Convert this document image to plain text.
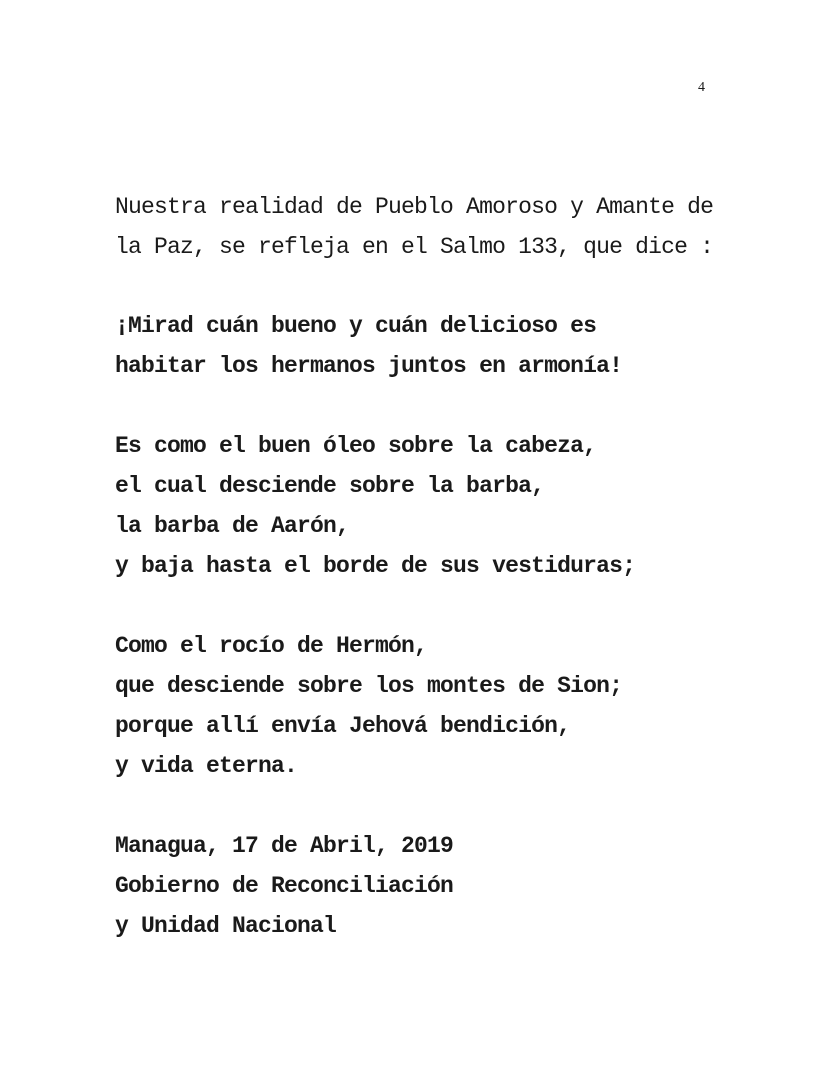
4
Nuestra realidad de Pueblo Amoroso y Amante de
la Paz, se refleja en el Salmo 133, que dice :
¡Mirad cuán bueno y cuán delicioso es
habitar los hermanos juntos en armonía!
Es como el buen óleo sobre la cabeza,
el cual desciende sobre la barba,
la barba de Aarón,
y baja hasta el borde de sus vestiduras;
Como el rocío de Hermón,
que desciende sobre los montes de Sion;
porque allí envía Jehová bendición,
y vida eterna.
Managua, 17 de Abril, 2019
Gobierno de Reconciliación
y Unidad Nacional
